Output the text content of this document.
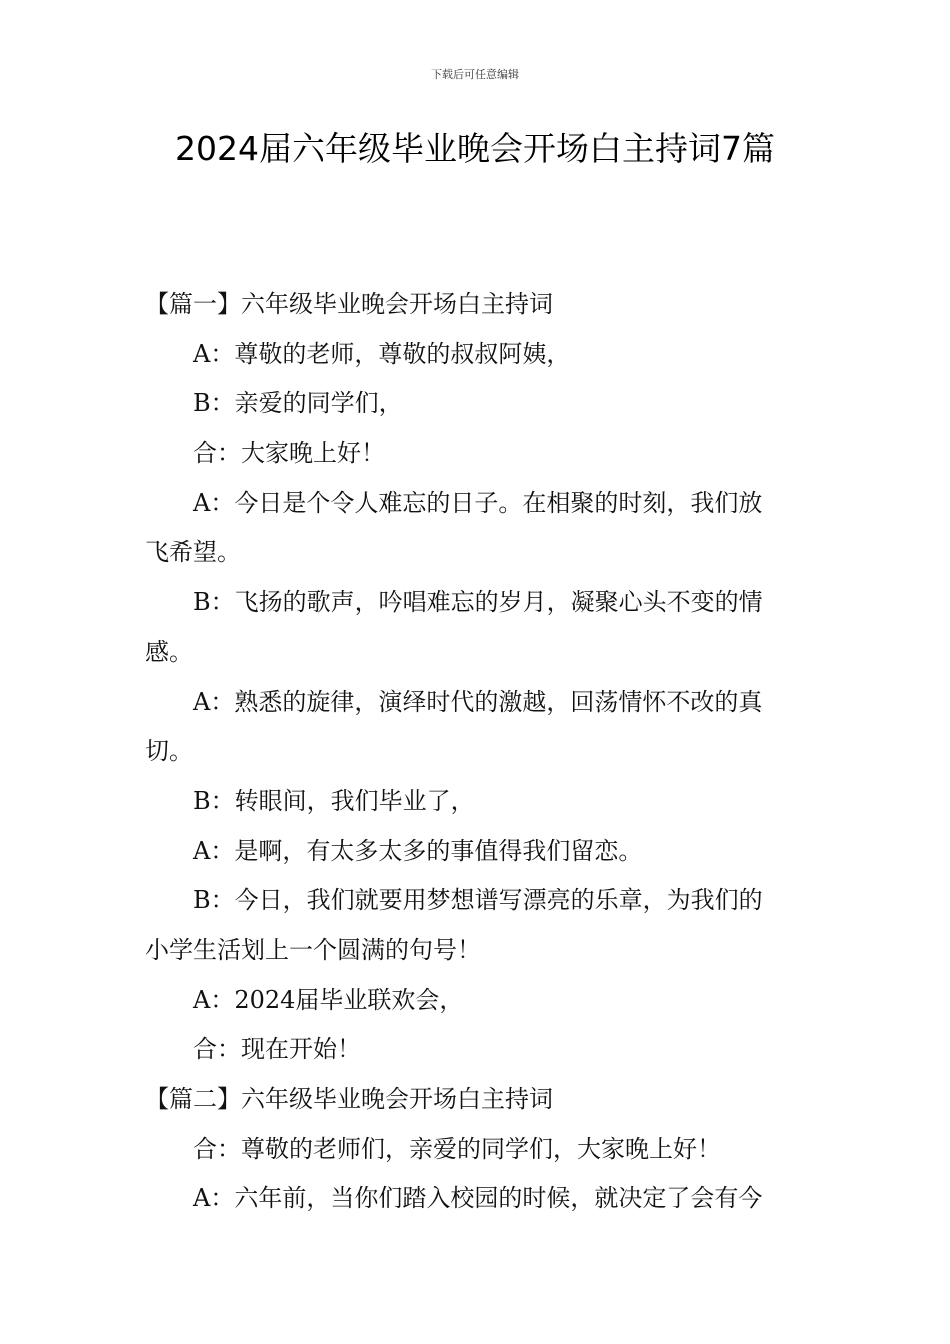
下载后可任意编辑
2024届六年级毕业晚会开场白主持词7篇
【篇一】六年级毕业晚会开场白主持词
A：尊敬的老师，尊敬的叔叔阿姨，
B：亲爱的同学们，
合：大家晚上好！
A：今日是个令人难忘的日子。在相聚的时刻，我们放
飞希望。
B：飞扬的歌声，吟唱难忘的岁月，凝聚心头不变的情
感。
A：熟悉的旋律，演绎时代的激越，回荡情怀不改的真
切。
B：转眼间，我们毕业了，
A：是啊，有太多太多的事值得我们留恋。
B：今日，我们就要用梦想谱写漂亮的乐章，为我们的
小学生活划上一个圆满的句号！
A：2024届毕业联欢会，
合：现在开始！
【篇二】六年级毕业晚会开场白主持词
合：尊敬的老师们，亲爱的同学们，大家晚上好！
A：六年前，当你们踏入校园的时候，就决定了会有今
